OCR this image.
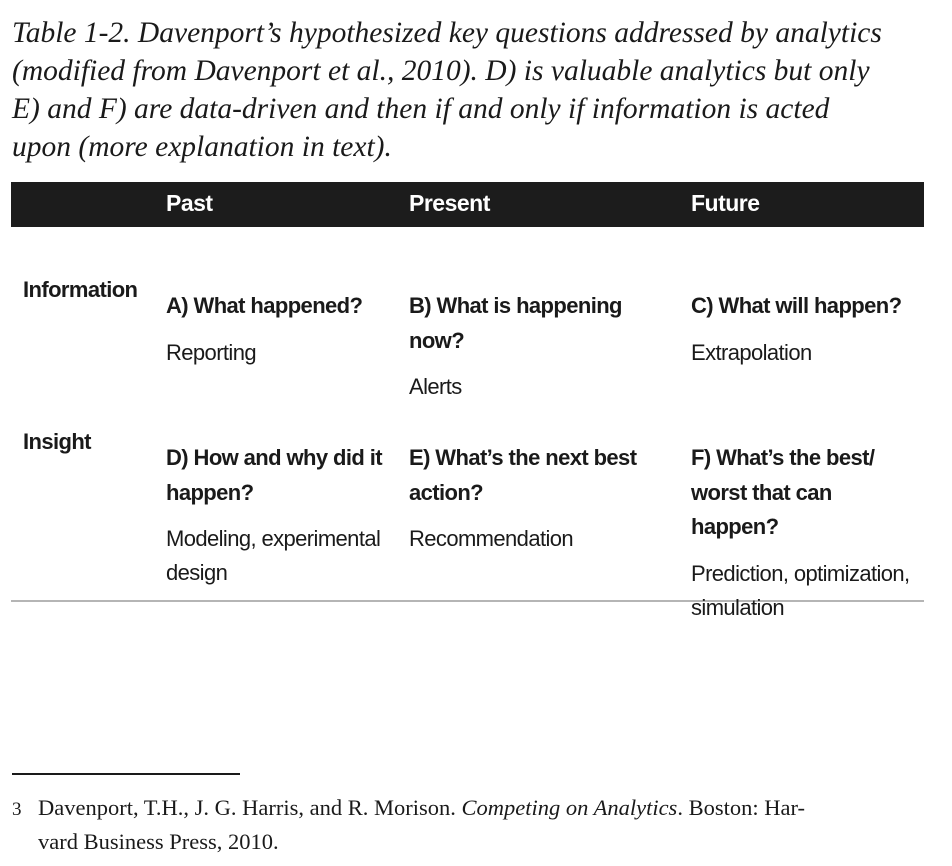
Table 1-2. Davenport’s hypothesized key questions addressed by analytics
(modified from Davenport et al., 2010). D) is valuable analytics but only
E) and F) are data-driven and then if and only if information is acted
upon (more explanation in text).
Past	Present	Future
Information
A) What happened?
Reporting
B) What is happening now?
Alerts
C) What will happen?
Extrapolation
Insight
D) How and why did it happen?
Modeling, experimental design
E) What’s the next best action?
Recommendation
F) What’s the best/ worst that can happen?
Prediction, optimization, simulation
3 Davenport, T.H., J. G. Harris, and R. Morison. Competing on Analytics. Boston: Har-
vard Business Press, 2010.
